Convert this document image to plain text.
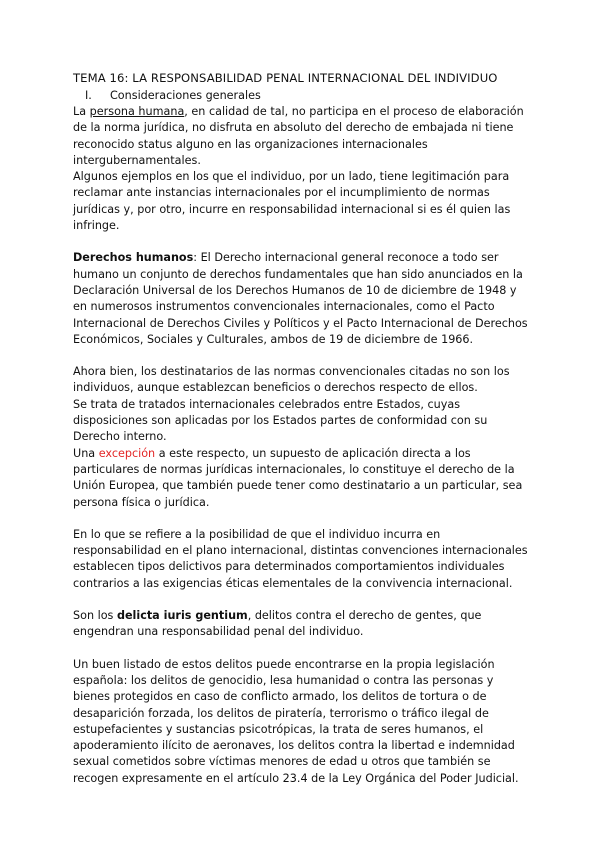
TEMA 16: LA RESPONSABILIDAD PENAL INTERNACIONAL DEL INDIVIDUO
I.	Consideraciones generales

La persona humana, en calidad de tal, no participa en el proceso de elaboración de la norma jurídica, no disfruta en absoluto del derecho de embajada ni tiene reconocido status alguno en las organizaciones internacionales intergubernamentales.

Algunos ejemplos en los que el individuo, por un lado, tiene legitimación para reclamar ante instancias internacionales por el incumplimiento de normas jurídicas y, por otro, incurre en responsabilidad internacional si es él quien las infringe.

Derechos humanos: El Derecho internacional general reconoce a todo ser humano un conjunto de derechos fundamentales que han sido anunciados en la Declaración Universal de los Derechos Humanos de 10 de diciembre de 1948 y en numerosos instrumentos convencionales internacionales, como el Pacto Internacional de Derechos Civiles y Políticos y el Pacto Internacional de Derechos Económicos, Sociales y Culturales, ambos de 19 de diciembre de 1966.

Ahora bien, los destinatarios de las normas convencionales citadas no son los individuos, aunque establezcan beneficios o derechos respecto de ellos.

Se trata de tratados internacionales celebrados entre Estados, cuyas disposiciones son aplicadas por los Estados partes de conformidad con su Derecho interno.

Una excepción a este respecto, un supuesto de aplicación directa a los particulares de normas jurídicas internacionales, lo constituye el derecho de la Unión Europea, que también puede tener como destinatario a un particular, sea persona física o jurídica.

En lo que se refiere a la posibilidad de que el individuo incurra en responsabilidad en el plano internacional, distintas convenciones internacionales establecen tipos delictivos para determinados comportamientos individuales contrarios a las exigencias éticas elementales de la convivencia internacional.

Son los delicta iuris gentium, delitos contra el derecho de gentes, que engendran una responsabilidad penal del individuo.

Un buen listado de estos delitos puede encontrarse en la propia legislación española: los delitos de genocidio, lesa humanidad o contra las personas y bienes protegidos en caso de conflicto armado, los delitos de tortura o de desaparición forzada, los delitos de piratería, terrorismo o tráfico ilegal de estupefacientes y sustancias psicotrópicas, la trata de seres humanos, el apoderamiento ilícito de aeronaves, los delitos contra la libertad e indemnidad sexual cometidos sobre víctimas menores de edad u otros que también se recogen expresamente en el artículo 23.4 de la Ley Orgánica del Poder Judicial.
